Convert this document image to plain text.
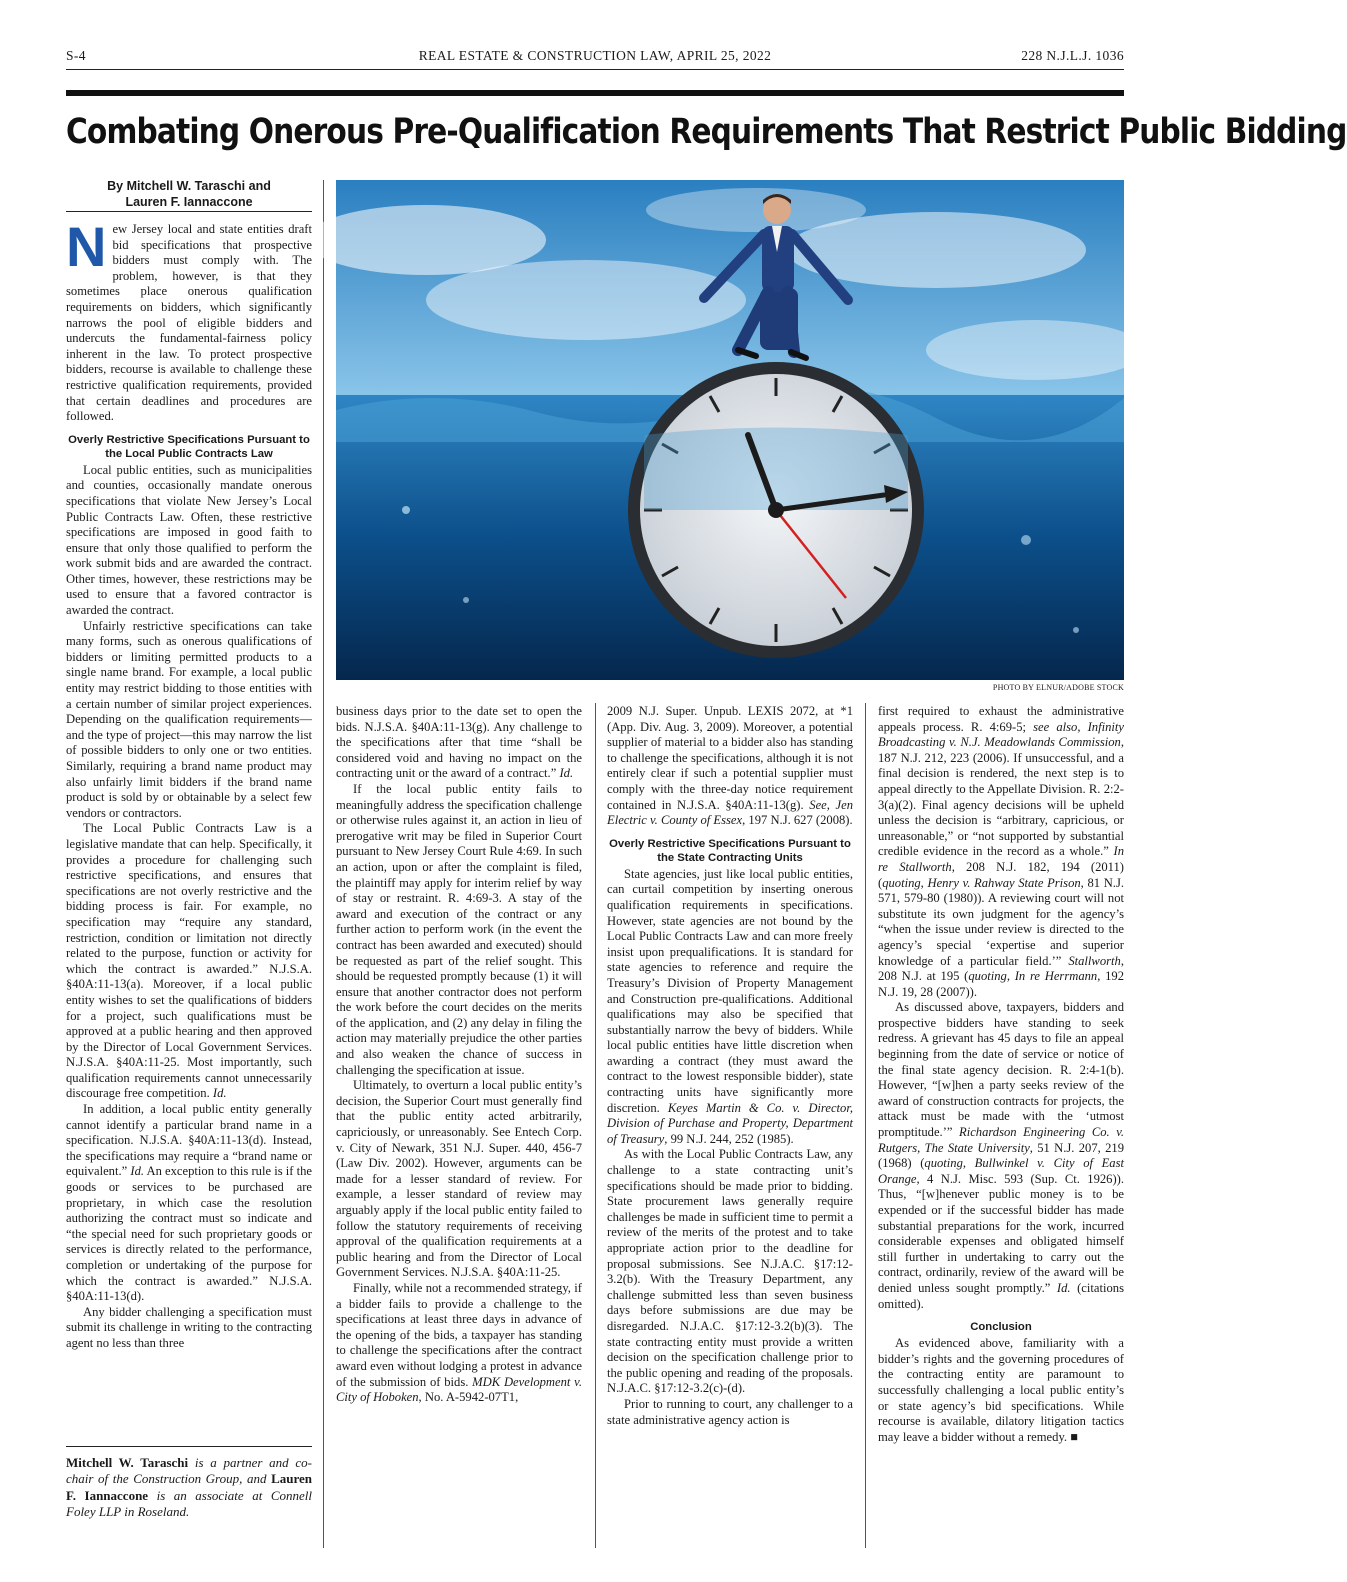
S-4	REAL ESTATE & CONSTRUCTION LAW, APRIL 25, 2022	228 N.J.L.J. 1036
Combating Onerous Pre-Qualification Requirements That Restrict Public Bidding
By Mitchell W. Taraschi and
Lauren F. Iannaccone
PHOTO BY ELNUR/ADOBE STOCK

New Jersey local and state entities draft bid specifications that prospective bidders must comply with. The problem, however, is that they sometimes place onerous qualification requirements on bidders, which significantly narrows the pool of eligible bidders and undercuts the fundamental-fairness policy inherent in the law. To protect prospective bidders, recourse is available to challenge these restrictive qualification requirements, provided that certain deadlines and procedures are followed.

Overly Restrictive Specifications Pursuant to the Local Public Contracts Law

Local public entities, such as municipalities and counties, occasionally mandate onerous specifications that violate New Jersey’s Local Public Contracts Law. Often, these restrictive specifications are imposed in good faith to ensure that only those qualified to perform the work submit bids and are awarded the contract. Other times, however, these restrictions may be used to ensure that a favored contractor is awarded the contract.

Unfairly restrictive specifications can take many forms, such as onerous qualifications of bidders or limiting permitted products to a single name brand. For example, a local public entity may restrict bidding to those entities with a certain number of similar project experiences. Depending on the qualification requirements—and the type of project—this may narrow the list of possible bidders to only one or two entities. Similarly, requiring a brand name product may also unfairly limit bidders if the brand name product is sold by or obtainable by a select few vendors or contractors.

The Local Public Contracts Law is a legislative mandate that can help. Specifically, it provides a procedure for challenging such restrictive specifications, and ensures that specifications are not overly restrictive and the bidding process is fair. For example, no specification may “require any standard, restriction, condition or limitation not directly related to the purpose, function or activity for which the contract is awarded.” N.J.S.A. §40A:11-13(a). Moreover, if a local public entity wishes to set the qualifications of bidders for a project, such qualifications must be approved at a public hearing and then approved by the Director of Local Government Services. N.J.S.A. §40A:11-25. Most importantly, such qualification requirements cannot unnecessarily discourage free competition. Id.

In addition, a local public entity generally cannot identify a particular brand name in a specification. N.J.S.A. §40A:11-13(d). Instead, the specifications may require a “brand name or equivalent.” Id. An exception to this rule is if the goods or services to be purchased are proprietary, in which case the resolution authorizing the contract must so indicate and “the special need for such proprietary goods or services is directly related to the performance, completion or undertaking of the purpose for which the contract is awarded.” N.J.S.A. §40A:11-13(d).

Any bidder challenging a specification must submit its challenge in writing to the contracting agent no less than three

Mitchell W. Taraschi is a partner and co-chair of the Construction Group, and Lauren F. Iannaccone is an associate at Connell Foley LLP in Roseland.

business days prior to the date set to open the bids. N.J.S.A. §40A:11-13(g). Any challenge to the specifications after that time “shall be considered void and having no impact on the contracting unit or the award of a contract.” Id.

If the local public entity fails to meaningfully address the specification challenge or otherwise rules against it, an action in lieu of prerogative writ may be filed in Superior Court pursuant to New Jersey Court Rule 4:69. In such an action, upon or after the complaint is filed, the plaintiff may apply for interim relief by way of stay or restraint. R. 4:69-3. A stay of the award and execution of the contract or any further action to perform work (in the event the contract has been awarded and executed) should be requested as part of the relief sought. This should be requested promptly because (1) it will ensure that another contractor does not perform the work before the court decides on the merits of the application, and (2) any delay in filing the action may materially prejudice the other parties and also weaken the chance of success in challenging the specification at issue.

Ultimately, to overturn a local public entity’s decision, the Superior Court must generally find that the public entity acted arbitrarily, capriciously, or unreasonably. See Entech Corp. v. City of Newark, 351 N.J. Super. 440, 456-7 (Law Div. 2002). However, arguments can be made for a lesser standard of review. For example, a lesser standard of review may arguably apply if the local public entity failed to follow the statutory requirements of receiving approval of the qualification requirements at a public hearing and from the Director of Local Government Services. N.J.S.A. §40A:11-25.

Finally, while not a recommended strategy, if a bidder fails to provide a challenge to the specifications at least three days in advance of the opening of the bids, a taxpayer has standing to challenge the specifications after the contract award even without lodging a protest in advance of the submission of bids. MDK Development v. City of Hoboken, No. A-5942-07T1,

2009 N.J. Super. Unpub. LEXIS 2072, at *1 (App. Div. Aug. 3, 2009). Moreover, a potential supplier of material to a bidder also has standing to challenge the specifications, although it is not entirely clear if such a potential supplier must comply with the three-day notice requirement contained in N.J.S.A. §40A:11-13(g). See, Jen Electric v. County of Essex, 197 N.J. 627 (2008).

Overly Restrictive Specifications Pursuant to the State Contracting Units

State agencies, just like local public entities, can curtail competition by inserting onerous qualification requirements in specifications. However, state agencies are not bound by the Local Public Contracts Law and can more freely insist upon prequalifications. It is standard for state agencies to reference and require the Treasury’s Division of Property Management and Construction pre-qualifications. Additional qualifications may also be specified that substantially narrow the bevy of bidders. While local public entities have little discretion when awarding a contract (they must award the contract to the lowest responsible bidder), state contracting units have significantly more discretion. Keyes Martin & Co. v. Director, Division of Purchase and Property, Department of Treasury, 99 N.J. 244, 252 (1985).

As with the Local Public Contracts Law, any challenge to a state contracting unit’s specifications should be made prior to bidding. State procurement laws generally require challenges be made in sufficient time to permit a review of the merits of the protest and to take appropriate action prior to the deadline for proposal submissions. See N.J.A.C. §17:12-3.2(b). With the Treasury Department, any challenge submitted less than seven business days before submissions are due may be disregarded. N.J.A.C. §17:12-3.2(b)(3). The state contracting entity must provide a written decision on the specification challenge prior to the public opening and reading of the proposals. N.J.A.C. §17:12-3.2(c)-(d).

Prior to running to court, any challenger to a state administrative agency action is

first required to exhaust the administrative appeals process. R. 4:69-5; see also, Infinity Broadcasting v. N.J. Meadowlands Commission, 187 N.J. 212, 223 (2006). If unsuccessful, and a final decision is rendered, the next step is to appeal directly to the Appellate Division. R. 2:2-3(a)(2). Final agency decisions will be upheld unless the decision is “arbitrary, capricious, or unreasonable,” or “not supported by substantial credible evidence in the record as a whole.” In re Stallworth, 208 N.J. 182, 194 (2011) (quoting, Henry v. Rahway State Prison, 81 N.J. 571, 579-80 (1980)). A reviewing court will not substitute its own judgment for the agency’s “when the issue under review is directed to the agency’s special ‘expertise and superior knowledge of a particular field.’” Stallworth, 208 N.J. at 195 (quoting, In re Herrmann, 192 N.J. 19, 28 (2007)).

As discussed above, taxpayers, bidders and prospective bidders have standing to seek redress. A grievant has 45 days to file an appeal beginning from the date of service or notice of the final state agency decision. R. 2:4-1(b). However, “[w]hen a party seeks review of the award of construction contracts for projects, the attack must be made with the ‘utmost promptitude.’” Richardson Engineering Co. v. Rutgers, The State University, 51 N.J. 207, 219 (1968) (quoting, Bullwinkel v. City of East Orange, 4 N.J. Misc. 593 (Sup. Ct. 1926)). Thus, “[w]henever public money is to be expended or if the successful bidder has made substantial preparations for the work, incurred considerable expenses and obligated himself still further in undertaking to carry out the contract, ordinarily, review of the award will be denied unless sought promptly.” Id. (citations omitted).

Conclusion

As evidenced above, familiarity with a bidder’s rights and the governing procedures of the contracting entity are paramount to successfully challenging a local public entity’s or state agency’s bid specifications. While recourse is available, dilatory litigation tactics may leave a bidder without a remedy. ■
